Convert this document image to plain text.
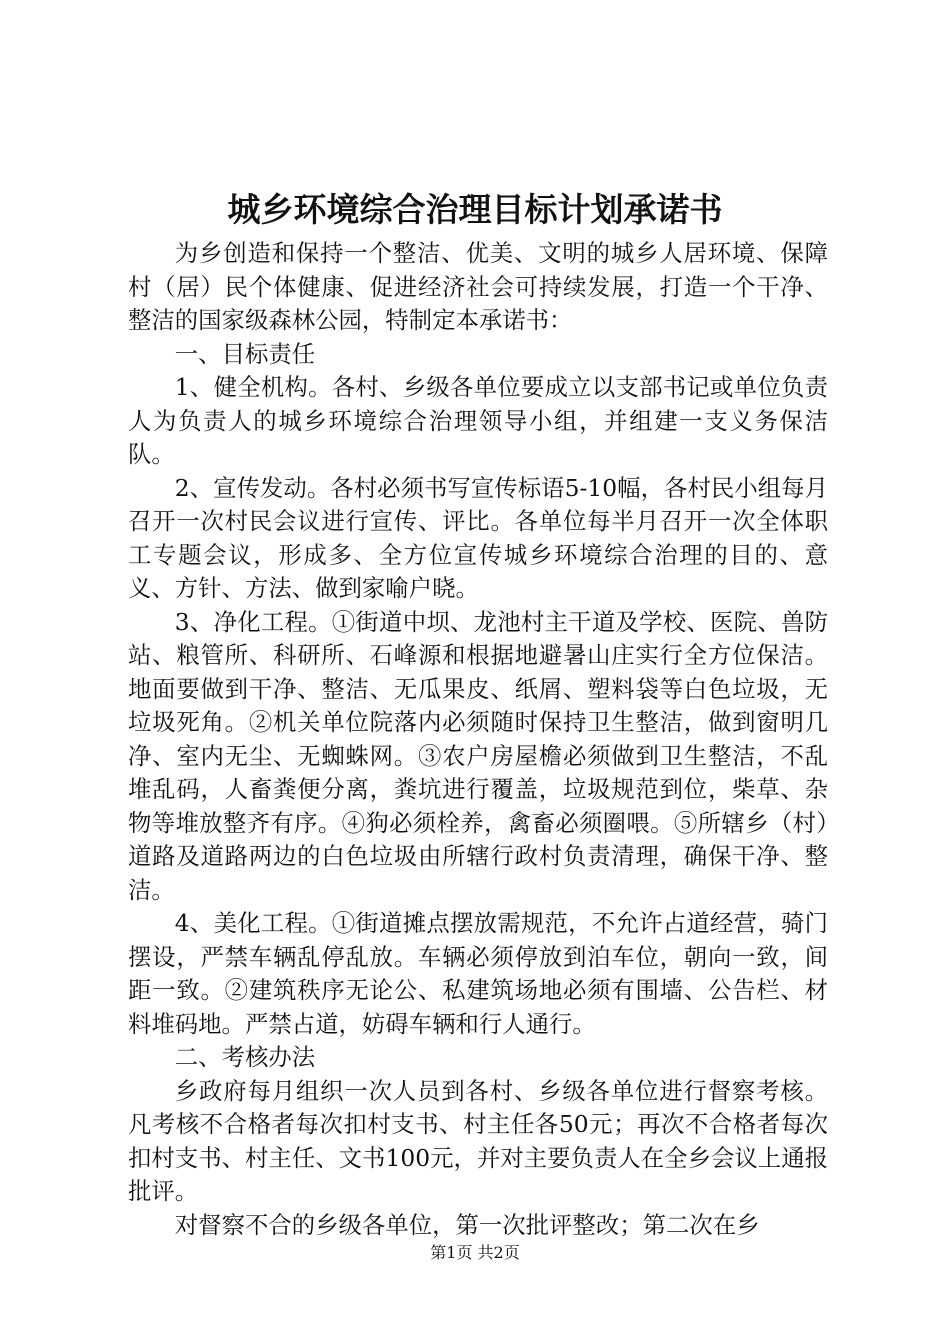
城乡环境综合治理目标计划承诺书

为乡创造和保持一个整洁、优美、文明的城乡人居环境、保障村（居）民个体健康、促进经济社会可持续发展，打造一个干净、整洁的国家级森林公园，特制定本承诺书：

一、目标责任

1、健全机构。各村、乡级各单位要成立以支部书记或单位负责人为负责人的城乡环境综合治理领导小组，并组建一支义务保洁队。

2、宣传发动。各村必须书写宣传标语5-10幅，各村民小组每月召开一次村民会议进行宣传、评比。各单位每半月召开一次全体职工专题会议，形成多、全方位宣传城乡环境综合治理的目的、意义、方针、方法、做到家喻户晓。

3、净化工程。①街道中坝、龙池村主干道及学校、医院、兽防站、粮管所、科研所、石峰源和根据地避暑山庄实行全方位保洁。地面要做到干净、整洁、无瓜果皮、纸屑、塑料袋等白色垃圾，无垃圾死角。②机关单位院落内必须随时保持卫生整洁，做到窗明几净、室内无尘、无蜘蛛网。③农户房屋檐必须做到卫生整洁，不乱堆乱码，人畜粪便分离，粪坑进行覆盖，垃圾规范到位，柴草、杂物等堆放整齐有序。④狗必须栓养，禽畜必须圈喂。⑤所辖乡（村）道路及道路两边的白色垃圾由所辖行政村负责清理，确保干净、整洁。

4、美化工程。①街道摊点摆放需规范，不允许占道经营，骑门摆设，严禁车辆乱停乱放。车辆必须停放到泊车位，朝向一致，间距一致。②建筑秩序无论公、私建筑场地必须有围墙、公告栏、材料堆码地。严禁占道，妨碍车辆和行人通行。

二、考核办法

乡政府每月组织一次人员到各村、乡级各单位进行督察考核。凡考核不合格者每次扣村支书、村主任各50元；再次不合格者每次扣村支书、村主任、文书100元，并对主要负责人在全乡会议上通报批评。

对督察不合的乡级各单位，第一次批评整改；第二次在乡

第1页 共2页
